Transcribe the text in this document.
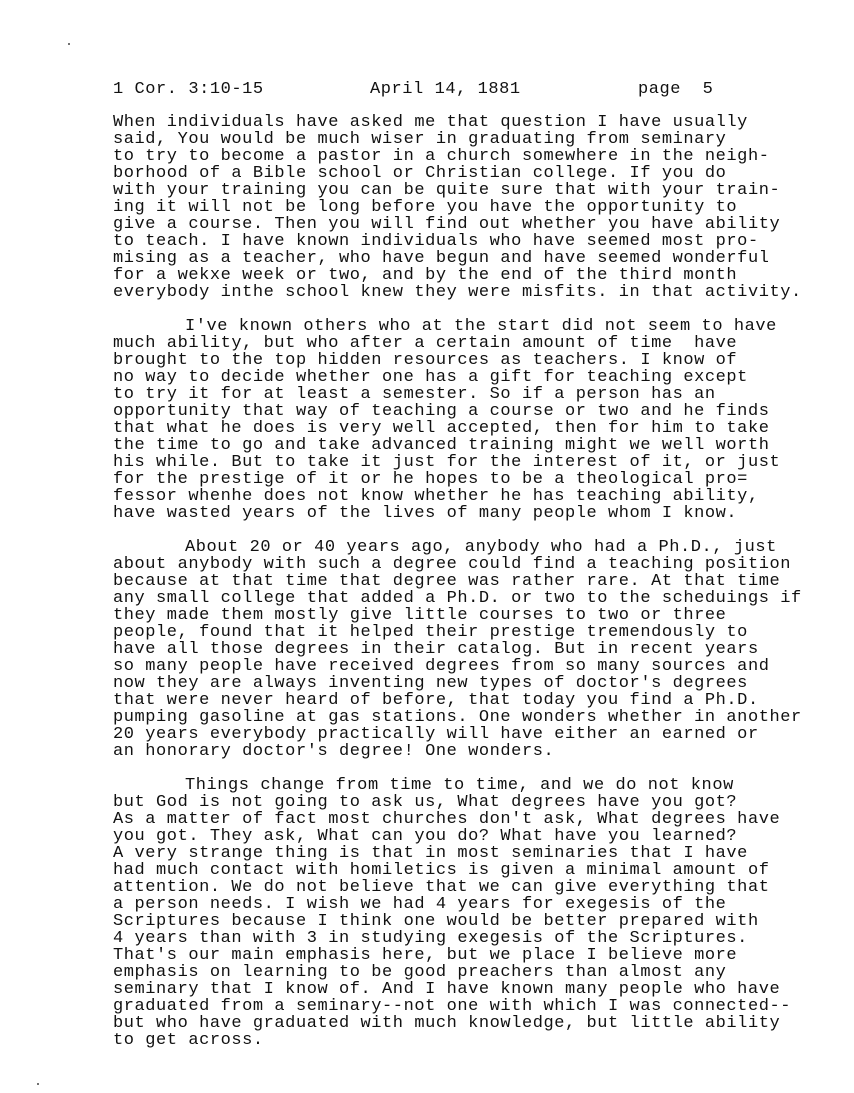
1 Cor. 3:10-15	April 14, 1881	page  5
When individuals have asked me that question I have usually
said, You would be much wiser in graduating from seminary
to try to become a pastor in a church somewhere in the neigh-
borhood of a Bible school or Christian college. If you do
with your training you can be quite sure that with your train-
ing it will not be long before you have the opportunity to
give a course. Then you will find out whether you have ability
to teach. I have known individuals who have seemed most pro-
mising as a teacher, who have begun and have seemed wonderful
for a wekxe week or two, and by the end of the third month
everybody inthe school knew they were misfits. in that activity.
I've known others who at the start did not seem to have
much ability, but who after a certain amount of time  have
brought to the top hidden resources as teachers. I know of
no way to decide whether one has a gift for teaching except
to try it for at least a semester. So if a person has an
opportunity that way of teaching a course or two and he finds
that what he does is very well accepted, then for him to take
the time to go and take advanced training might we well worth
his while. But to take it just for the interest of it, or just
for the prestige of it or he hopes to be a theological pro=
fessor whenhe does not know whether he has teaching ability,
have wasted years of the lives of many people whom I know.
About 20 or 40 years ago, anybody who had a Ph.D., just
about anybody with such a degree could find a teaching position
because at that time that degree was rather rare. At that time
any small college that added a Ph.D. or two to the scheduings if
they made them mostly give little courses to two or three
people, found that it helped their prestige tremendously to
have all those degrees in their catalog. But in recent years
so many people have received degrees from so many sources and
now they are always inventing new types of doctor's degrees
that were never heard of before, that today you find a Ph.D.
pumping gasoline at gas stations. One wonders whether in another
20 years everybody practically will have either an earned or
an honorary doctor's degree! One wonders.
Things change from time to time, and we do not know
but God is not going to ask us, What degrees have you got?
As a matter of fact most churches don't ask, What degrees have
you got. They ask, What can you do? What have you learned?
A very strange thing is that in most seminaries that I have
had much contact with homiletics is given a minimal amount of
attention. We do not believe that we can give everything that
a person needs. I wish we had 4 years for exegesis of the
Scriptures because I think one would be better prepared with
4 years than with 3 in studying exegesis of the Scriptures.
That's our main emphasis here, but we place I believe more
emphasis on learning to be good preachers than almost any
seminary that I know of. And I have known many people who have
graduated from a seminary--not one with which I was connected--
but who have graduated with much knowledge, but little ability
to get across.
